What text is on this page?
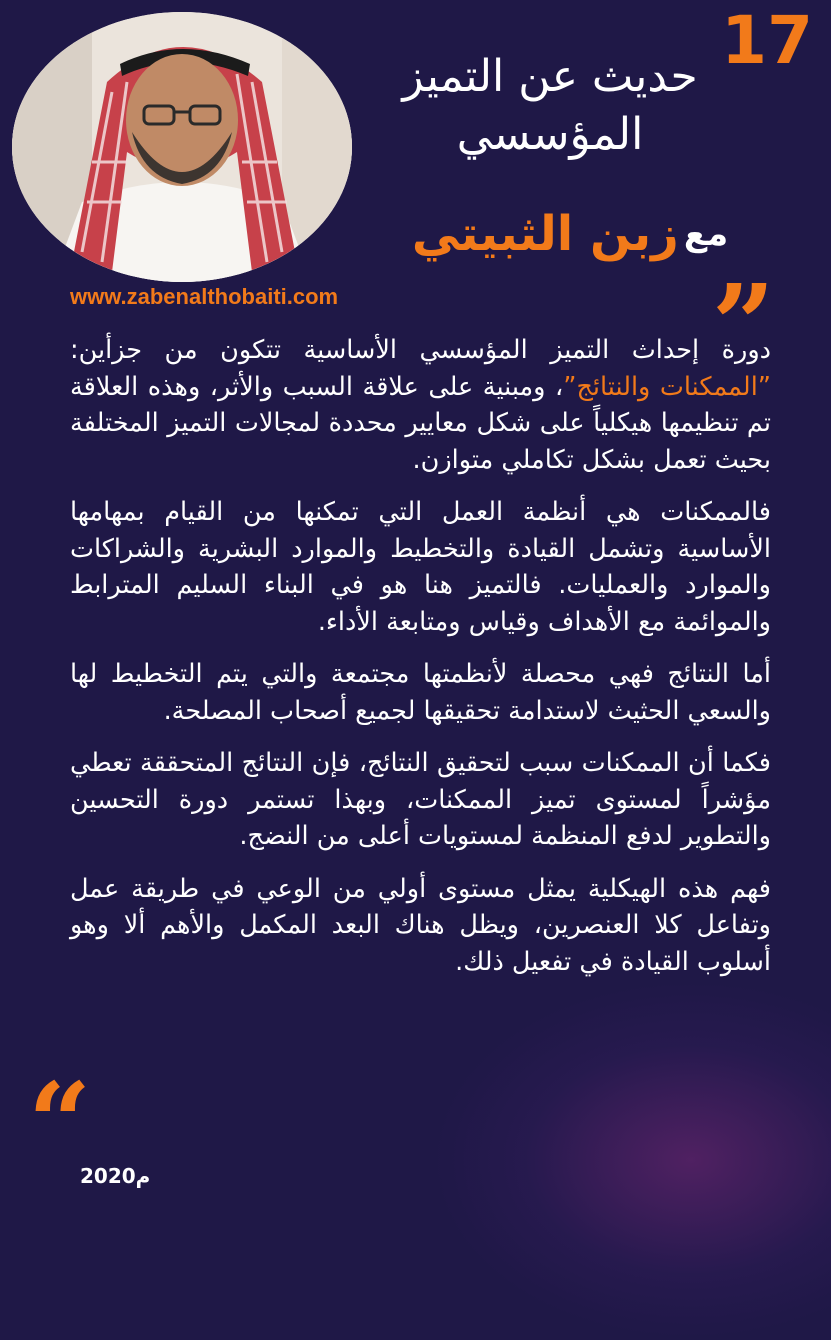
17
حديث عن التميز
المؤسسي
مع زبن الثبيتي
www.zabenalthobaiti.com	”

دورة إحداث التميز المؤسسي الأساسية تتكون من جزأين: ”الممكنات والنتائج”، ومبنية على علاقة السبب والأثر، وهذه العلاقة تم تنظيمها هيكلياً على شكل معايير محددة لمجالات التميز المختلفة بحيث تعمل بشكل تكاملي متوازن.

فالممكنات هي أنظمة العمل التي تمكنها من القيام بمهامها الأساسية وتشمل القيادة والتخطيط والموارد البشرية والشراكات والموارد والعمليات. فالتميز هنا هو في البناء السليم المترابط والموائمة مع الأهداف وقياس ومتابعة الأداء.

أما النتائج فهي محصلة لأنظمتها مجتمعة والتي يتم التخطيط لها والسعي الحثيث لاستدامة تحقيقها لجميع أصحاب المصلحة.

فكما أن الممكنات سبب لتحقيق النتائج، فإن النتائج المتحققة تعطي مؤشراً لمستوى تميز الممكنات، وبهذا تستمر دورة التحسين والتطوير لدفع المنظمة لمستويات أعلى من النضج.

فهم هذه الهيكلية يمثل مستوى أولي من الوعي في طريقة عمل وتفاعل كلا العنصرين، ويظل هناك البعد المكمل والأهم ألا وهو أسلوب القيادة في تفعيل ذلك.

“
2020م
